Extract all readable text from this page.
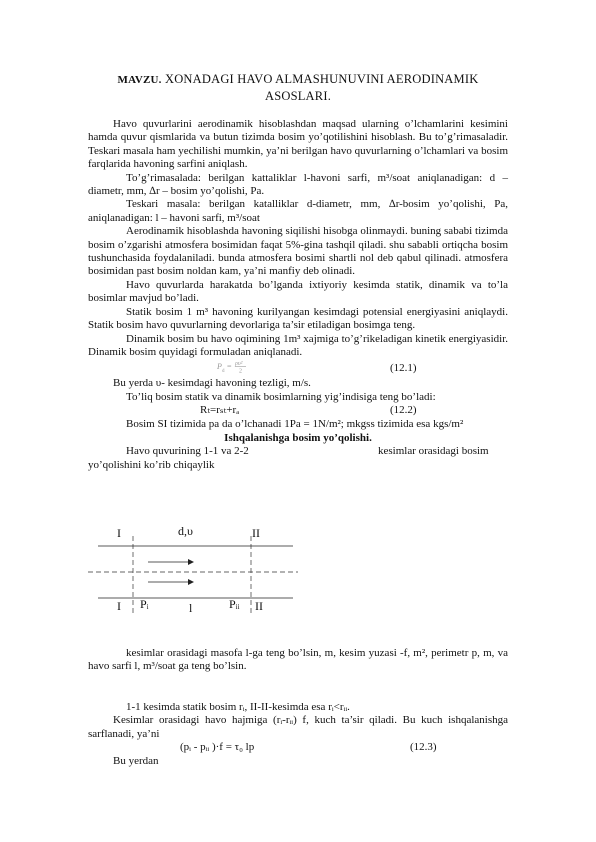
MAVZU. XONADAGI HAVO ALMASHUNUVINI AERODINAMIK
ASOSLARI.

Havo quvurlarini aerodinamik hisoblashdan maqsad ularning o’lchamlarini kesimini hamda quvur qismlarida va butun tizimda bosim yo’qotilishini hisoblash. Bu to’g’rimasaladir. Teskari masala ham yechilishi mumkin, ya’ni berilgan havo quvurlarning o’lchamlari va bosim farqlarida havoning sarfini aniqlash.

To’g’rimasalada: berilgan kattaliklar l-havoni sarfi, m³/soat aniqlanadigan: d – diametr, mm, ∆r – bosim yo’qolishi, Pa.

Teskari masala: berilgan katalliklar d-diametr, mm, ∆r-bosim yo’qolishi, Pa, aniqlanadigan: l – havoni sarfi, m³/soat

Aerodinamik hisoblashda havoning siqilishi hisobga olinmaydi. buning sababi tizimda bosim o’zgarishi atmosfera bosimidan faqat 5%-gina tashqil qiladi. shu sababli ortiqcha bosim tushunchasida foydalaniladi. bunda atmosfera bosimi shartli nol deb qabul qilinadi. atmosfera bosimidan past bosim noldan kam, ya’ni manfiy deb olinadi.

Havo quvurlarda harakatda bo’lganda ixtiyoriy kesimda statik, dinamik va to’la bosimlar mavjud bo’ladi.

Statik bosim 1 m³ havoning kurilyangan kesimdagi potensial energiyasini aniqlaydi. Statik bosim havo quvurlarning devorlariga ta’sir etiladigan bosimga teng.

Dinamik bosim bu havo oqimining 1m³ xajmiga to’g’rikeladigan kinetik energiyasidir. Dinamik bosim quyidagi formuladan aniqlanadi.

P
d
= ρυ²
2	(12.1)

Bu yerda υ- kesimdagi havoning tezligi, m/s.

To’liq bosim statik va dinamik bosimlarning yig’indisiga teng bo’ladi:

Rₜ=rₛₜ+rₐ	(12.2)

Bosim SI tizimida pa da o’lchanadi 1Pa = 1N/m²; mkgss tizimida esa kgs/m²

Ishqalanishga bosim yo’qolishi.

Havo quvurining 1-1 va 2-2	kesimlar orasidagi bosim

yo’qolishini ko’rib chiqaylik

I	d,υ	II
I Pᵢ	l	Pᵢᵢ II

kesimlar orasidagi masofa l-ga teng bo’lsin, m, kesim yuzasi -f, m², perimetr p, m, va havo sarfi l, m³/soat ga teng bo’lsin.

1-1 kesimda statik bosim rᵢ, II-II-kesimda esa rᵢ<rᵢᵢ.

Kesimlar orasidagi havo hajmiga (rᵢ-rᵢᵢ) f, kuch ta’sir qiladi. Bu kuch ishqalanishga sarflanadi, ya’ni

(pᵢ - pᵢᵢ )·f = τ₀ lp	(12.3)

Bu yerdan
